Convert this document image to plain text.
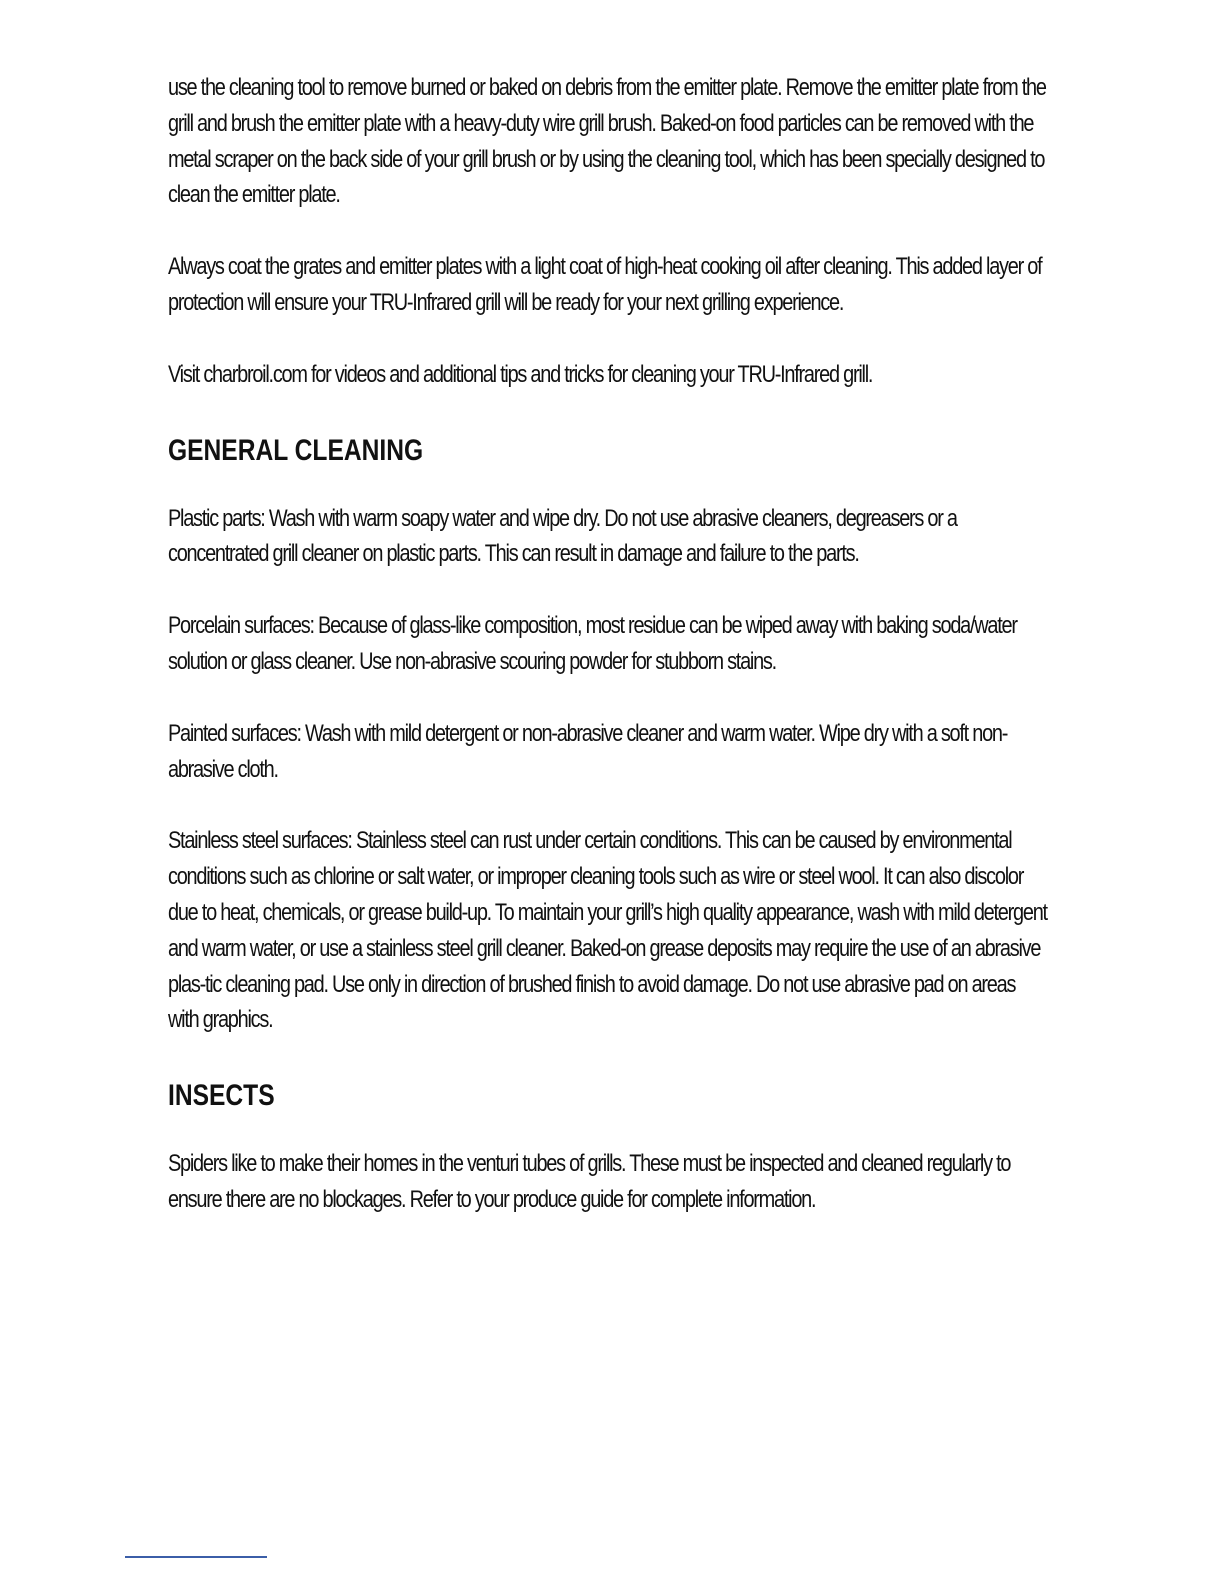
use the cleaning tool to remove burned or baked on debris from the emitter plate. Remove the emitter plate from the grill and brush the emitter plate with a heavy-duty wire grill brush. Baked-on food particles can be removed with the metal scraper on the back side of your grill brush or by using the cleaning tool, which has been specially designed to clean the emitter plate.

Always coat the grates and emitter plates with a light coat of high-heat cooking oil after cleaning. This added layer of protection will ensure your TRU-Infrared grill will be ready for your next grilling experience.

Visit charbroil.com for videos and additional tips and tricks for cleaning your TRU-Infrared grill.

GENERAL CLEANING

Plastic parts: Wash with warm soapy water and wipe dry. Do not use abrasive cleaners, degreasers or a concentrated grill cleaner on plastic parts. This can result in damage and failure to the parts.

Porcelain surfaces: Because of glass-like composition, most residue can be wiped away with baking soda/water solution or glass cleaner. Use non-abrasive scouring powder for stubborn stains.

Painted surfaces: Wash with mild detergent or non-abrasive cleaner and warm water. Wipe dry with a soft non-abrasive cloth.

Stainless steel surfaces: Stainless steel can rust under certain conditions. This can be caused by environmental conditions such as chlorine or salt water, or improper cleaning tools such as wire or steel wool. It can also discolor due to heat, chemicals, or grease build-up. To maintain your grill’s high quality appearance, wash with mild detergent and warm water, or use a stainless steel grill cleaner. Baked-on grease deposits may require the use of an abrasive plas-tic cleaning pad. Use only in direction of brushed finish to avoid damage. Do not use abrasive pad on areas with graphics.

INSECTS

Spiders like to make their homes in the venturi tubes of grills. These must be inspected and cleaned regularly to ensure there are no blockages. Refer to your produce guide for complete information.
